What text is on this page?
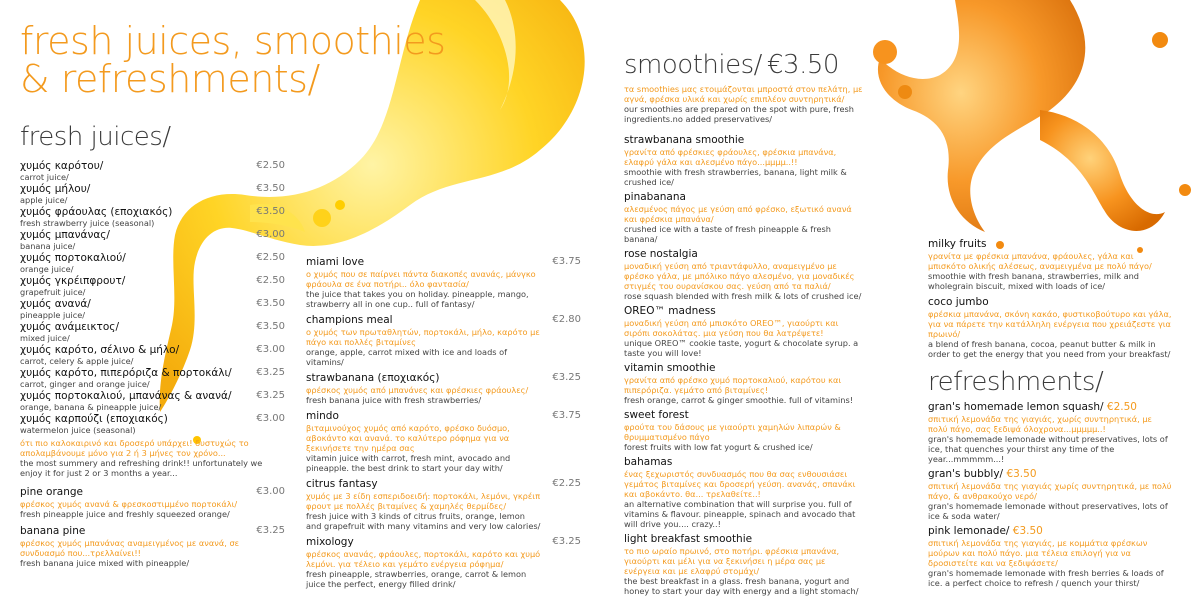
fresh juices, smoothies
& refreshments/
fresh juices/
χυμός καρότου/
carrot juice/
€2.50
χυμός μήλου/
apple juice/
€3.50
χυμός φράουλας (εποχιακός)
fresh strawberry juice (seasonal)
€3.50
χυμός μπανάνας/
banana juice/
€3.00
χυμός πορτοκαλιού/
orange juice/
€2.50
χυμός γκρέιπφρουτ/
grapefruit juice/
€2.50
χυμός ανανά/
pineapple juice/
€3.50
χυμός ανάμεικτος/
mixed juice/
€3.50
χυμός καρότο, σέλινο & μήλο/
carrot, celery & apple juice/
€3.00
χυμός καρότο, πιπερόριζα & πορτοκάλι/
carrot, ginger and orange juice/
€3.25
χυμός πορτοκαλιού, μπανάνας & ανανά/
orange, banana & pineapple juice/
€3.25
χυμός καρπούζι (εποχιακός)
watermelon juice (seasonal)
€3.00
ότι πιο καλοκαιρινό και δροσερό υπάρχει! δυστυχώς το απολαμβάνουμε μόνο για 2 ή 3 μήνες τον χρόνο...
the most summery and refreshing drink!! unfortunately we enjoy it for just 2 or 3 months a year...
pine orange
φρέσκος χυμός ανανά & φρεσκοστιμμένο πορτοκάλι/
fresh pineapple juice and freshly squeezed orange/
€3.00
banana pine
φρέσκος χυμός μπανάνας αναμειγμένος με ανανά, σε συνδυασμό που...τρελλαίνει!!
fresh banana juice mixed with pineapple/
€3.25
miami love
ο χυμός που σε παίρνει πάντα διακοπές ανανάς, μάνγκο φράουλα σε ένα ποτήρι.. όλο φαντασία/
the juice that takes you on holiday. pineapple, mango, strawberry all in one cup.. full of fantasy/
€3.75
champions meal
ο χυμός των πρωταθλητών, πορτοκάλι, μήλο, καρότο με πάγο και πολλές βιταμίνες
orange, apple, carrot mixed with ice and loads of vitamins/
€2.80
strawbanana (εποχιακός)
φρέσκος χυμός από μπανάνες και φρέσκιες φράουλες/
fresh banana juice with fresh strawberries/
€3.25
mindo
βιταμινούχος χυμός από καρότο, φρέσκο δυόσμο, αβοκάντο και ανανά. το καλύτερο ρόφημα για να ξεκινήσετε την ημέρα σας
vitamin juice with carrot, fresh mint, avocado and pineapple. the best drink to start your day with/
€3.75
citrus fantasy
χυμός με 3 είδη εσπεριδοειδή: πορτοκάλι, λεμόνι, γκρέιπ φρουτ με πολλές βιταμίνες & χαμηλές θερμίδες/
fresh juice with 3 kinds of citrus fruits, orange, lemon and grapefruit with many vitamins and very low calories/
€2.25
mixology
φρέσκος ανανάς, φράουλες, πορτοκάλι, καρότο και χυμό λεμόνι. για τέλειο και γεμάτο ενέργεια ρόφημα/
fresh pineapple, strawberries, orange, carrot & lemon juice the perfect, energy filled drink/
€3.25
smoothies/ €3.50
τα smoothies μας ετοιμάζονται μπροστά στον πελάτη, με αγνά, φρέσκα υλικά και χωρίς επιπλέον συντηρητικά/
our smoothies are prepared on the spot with pure, fresh ingredients.no added preservatives/
strawbanana smoothie
γρανίτα από φρέσκιες φράουλες, φρέσκια μπανάνα, ελαφρύ γάλα και αλεσμένο πάγο...μμμμ..!!
smoothie with fresh strawberries, banana, light milk & crushed ice/
pinabanana
αλεσμένος πάγος με γεύση από φρέσκο, εξωτικό ανανά και φρέσκια μπανάνα/
crushed ice with a taste of fresh pineapple & fresh banana/
rose nostalgia
μοναδική γεύση από τριαντάφυλλο, αναμειγμένο με φρέσκο γάλα, με μπόλικο πάγο αλεσμένο, για μοναδικές στιγμές του ουρανίσκου σας. γεύση από τα παλιά/
rose squash blended with fresh milk & lots of crushed ice/
OREO™ madness
μοναδική γεύση από μπισκότο OREO™, γιαούρτι και σιρόπι σοκολάτας. μια γεύση που θα λατρέψετε!
unique OREO™ cookie taste, yogurt & chocolate syrup. a taste you will love!
vitamin smoothie
γρανίτα από φρέσκο χυμό πορτοκαλιού, καρότου και πιπερόριζα. γεμάτο από βιταμίνες!
fresh orange, carrot & ginger smoothie. full of vitamins!
sweet forest
φρούτα του δάσους με γιαούρτι χαμηλών λιπαρών & θρυμματισμένο πάγο
forest fruits with low fat yogurt & crushed ice/
bahamas
ένας ξεχωριστός συνδυασμός που θα σας ενθουσιάσει γεμάτος βιταμίνες και δροσερή γεύση. ανανάς, σπανάκι και αβοκάντο. θα... τρελαθείτε..!
an alternative combination that will surprise you. full of vitamins & flavour. pineapple, spinach and avocado that will drive you.... crazy..!
light breakfast smoothie
το πιο ωραίο πρωινό, στο ποτήρι. φρέσκια μπανάνα, γιαούρτι και μέλι για να ξεκινήσει η μέρα σας με ενέργεια και με ελαφρύ στομάχι/
the best breakfast in a glass. fresh banana, yogurt and honey to start your day with energy and a light stomach/
milky fruits
γρανίτα με φρέσκια μπανάνα, φράουλες, γάλα και μπισκότο ολικής αλέσεως, αναμειγμένα με πολύ πάγο/
smoothie with fresh banana, strawberries, milk and wholegrain biscuit, mixed with loads of ice/
coco jumbo
φρέσκια μπανάνα, σκόνη κακάο, φυστικοβούτυρο και γάλα, για να πάρετε την κατάλληλη ενέργεια που χρειάζεστε για πρωινό/
a blend of fresh banana, cocoa, peanut butter & milk in order to get the energy that you need from your breakfast/
refreshments/
gran's homemade lemon squash/ €2.50
σπιτική λεμονάδα της γιαγιάς, χωρίς συντηρητικά, με πολύ πάγο, σας ξεδιψά όλοχρονα...μμμμμ..!
gran's homemade lemonade without preservatives, lots of ice, that quenches your thirst any time of the year...mmmmm...!
gran's bubbly/ €3.50
σπιτική λεμονάδα της γιαγιάς χωρίς συντηρητικά, με πολύ πάγο, & ανθρακούχο νερό/
gran's homemade lemonade without preservatives, lots of ice & soda water/
pink lemonade/ €3.50
σπιτική λεμονάδα της γιαγιάς, με κομμάτια φρέσκων μούρων και πολύ πάγο. μια τέλεια επιλογή για να δροσιστείτε και να ξεδιψάσετε/
gran's homemade lemonade with fresh berries & loads of ice. a perfect choice to refresh / quench your thirst/
